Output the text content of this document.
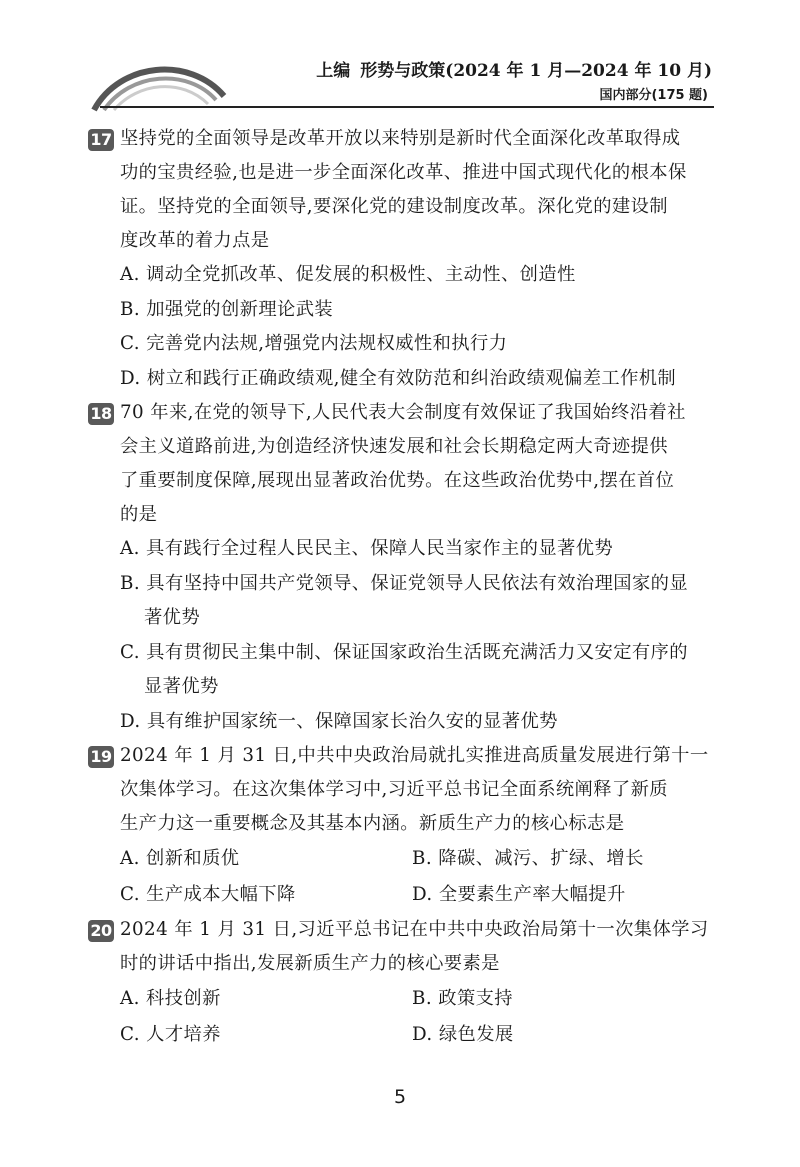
上编 形势与政策(2024 年 1 月—2024 年 10 月)
国内部分(175 题)
17 坚持党的全面领导是改革开放以来特别是新时代全面深化改革取得成
功的宝贵经验,也是进一步全面深化改革、推进中国式现代化的根本保
证。坚持党的全面领导,要深化党的建设制度改革。深化党的建设制
度改革的着力点是
A. 调动全党抓改革、促发展的积极性、主动性、创造性
B. 加强党的创新理论武装
C. 完善党内法规,增强党内法规权威性和执行力
D. 树立和践行正确政绩观,健全有效防范和纠治政绩观偏差工作机制
18 70 年来,在党的领导下,人民代表大会制度有效保证了我国始终沿着社
会主义道路前进,为创造经济快速发展和社会长期稳定两大奇迹提供
了重要制度保障,展现出显著政治优势。在这些政治优势中,摆在首位
的是
A. 具有践行全过程人民民主、保障人民当家作主的显著优势
B. 具有坚持中国共产党领导、保证党领导人民依法有效治理国家的显
著优势
C. 具有贯彻民主集中制、保证国家政治生活既充满活力又安定有序的
显著优势
D. 具有维护国家统一、保障国家长治久安的显著优势
19 2024 年 1 月 31 日,中共中央政治局就扎实推进高质量发展进行第十一
次集体学习。在这次集体学习中,习近平总书记全面系统阐释了新质
生产力这一重要概念及其基本内涵。新质生产力的核心标志是
A. 创新和质优	B. 降碳、减污、扩绿、增长
C. 生产成本大幅下降	D. 全要素生产率大幅提升
20 2024 年 1 月 31 日,习近平总书记在中共中央政治局第十一次集体学习
时的讲话中指出,发展新质生产力的核心要素是
A. 科技创新	B. 政策支持
C. 人才培养	D. 绿色发展
5
